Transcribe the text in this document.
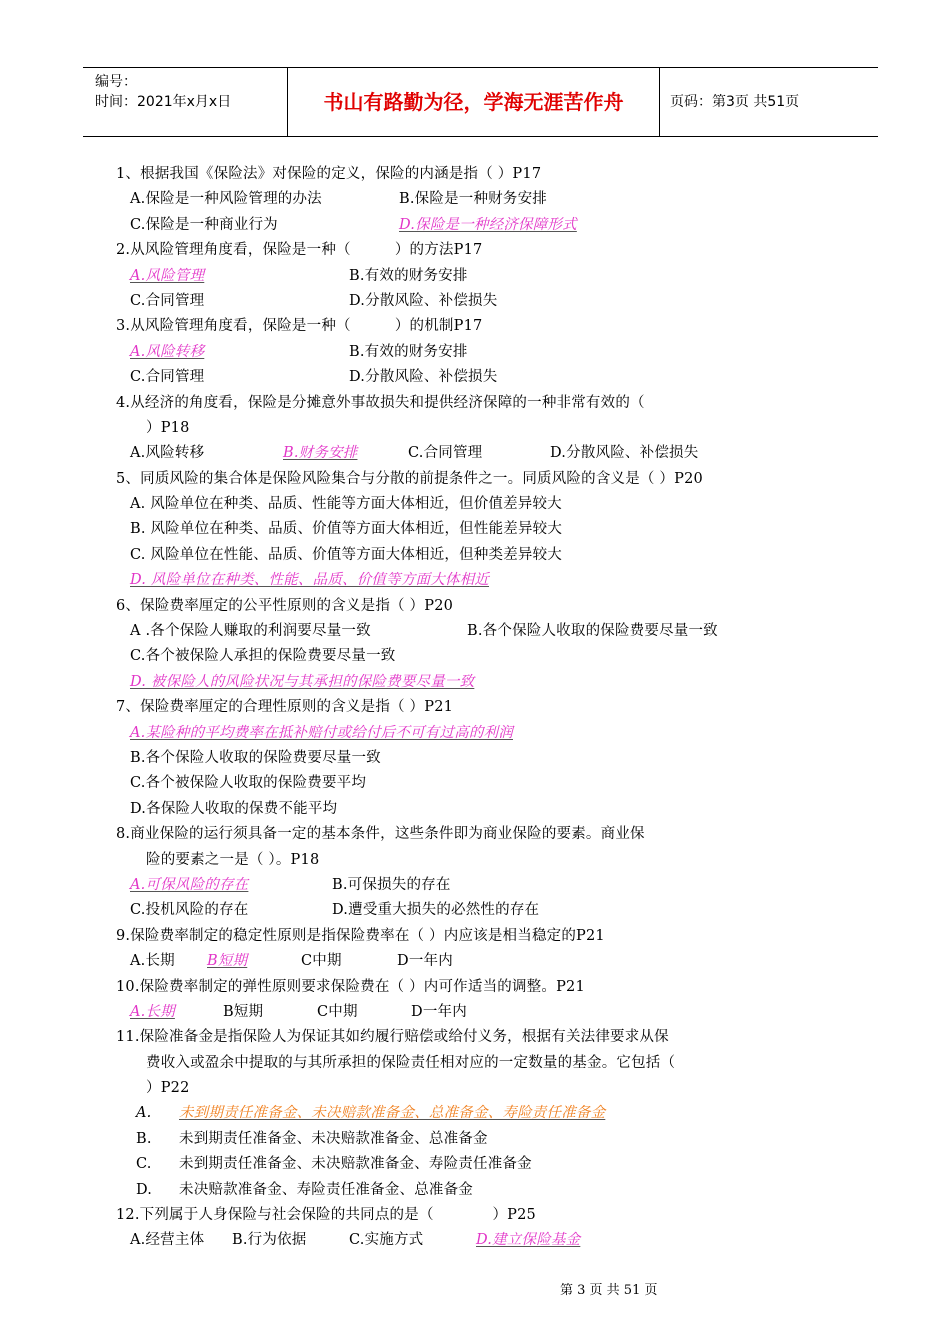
编号：
时间：2021年x月x日	书山有路勤为径，学海无涯苦作舟	页码：第3页 共51页
1、根据我国《保险法》对保险的定义，保险的内涵是指（ ）P17
A.保险是一种风险管理的办法	B.保险是一种财务安排
C.保险是一种商业行为	D.保险是一种经济保障形式
2.从风险管理角度看，保险是一种（　　　）的方法P17
A.风险管理	B.有效的财务安排
C.合同管理	D.分散风险、补偿损失
3.从风险管理角度看，保险是一种（　　　）的机制P17
A.风险转移	B.有效的财务安排
C.合同管理	D.分散风险、补偿损失
4.从经济的角度看，保险是分摊意外事故损失和提供经济保障的一种非常有效的（
）P18
A.风险转移	B.财务安排	C.合同管理	D.分散风险、补偿损失
5、同质风险的集合体是保险风险集合与分散的前提条件之一。同质风险的含义是（ ）P20
A. 风险单位在种类、品质、性能等方面大体相近，但价值差异较大
B. 风险单位在种类、品质、价值等方面大体相近，但性能差异较大
C. 风险单位在性能、品质、价值等方面大体相近，但种类差异较大
D. 风险单位在种类、性能、品质、价值等方面大体相近
6、保险费率厘定的公平性原则的含义是指（ ）P20
A .各个保险人赚取的利润要尽量一致	B.各个保险人收取的保险费要尽量一致
C.各个被保险人承担的保险费要尽量一致
D. 被保险人的风险状况与其承担的保险费要尽量一致
7、保险费率厘定的合理性原则的含义是指（ ）P21
A.某险种的平均费率在抵补赔付或给付后不可有过高的利润
B.各个保险人收取的保险费要尽量一致
C.各个被保险人收取的保险费要平均
D.各保险人收取的保费不能平均
8.商业保险的运行须具备一定的基本条件，这些条件即为商业保险的要素。商业保
险的要素之一是（ ）。P18
A.可保风险的存在	B.可保损失的存在
C.投机风险的存在	D.遭受重大损失的必然性的存在
9.保险费率制定的稳定性原则是指保险费率在（ ）内应该是相当稳定的P21
A.长期 B短期	C中期	D一年内
10.保险费率制定的弹性原则要求保险费在（ ）内可作适当的调整。P21
A.长期	B短期	C中期	D一年内
11.保险准备金是指保险人为保证其如约履行赔偿或给付义务，根据有关法律要求从保
费收入或盈余中提取的与其所承担的保险责任相对应的一定数量的基金。它包括（
）P22
A. 未到期责任准备金、未决赔款准备金、总准备金、寿险责任准备金
B. 未到期责任准备金、未决赔款准备金、总准备金
C. 未到期责任准备金、未决赔款准备金、寿险责任准备金
D. 未决赔款准备金、寿险责任准备金、总准备金
12.下列属于人身保险与社会保险的共同点的是（　　　　）P25
A.经营主体 B.行为依据	C.实施方式	D.建立保险基金
第 3 页 共 51 页
